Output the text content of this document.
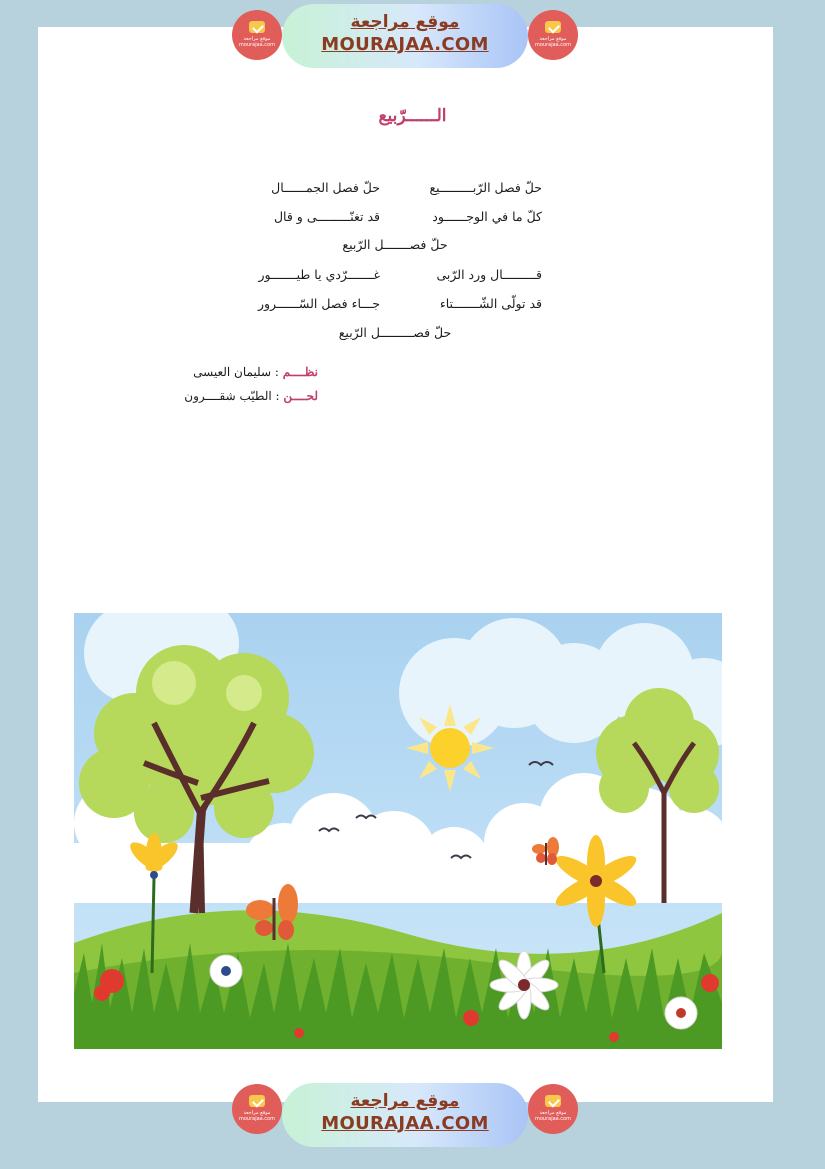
موقع مراجعة
mourajaa.com
موقع مراجعة
MOURAJAA.COM	موقع مراجعة
mourajaa.com
الــــــرّبيع
حلّ فصل الرّبـــــــــيع
حلّ فصل الجمــــــال
كلّ ما في الوجــــــود
قد تغنّـــــــــى و قال
حلّ فصـــــــل الرّبيع
قـــــــــال ورد الرّبى
غـــــــرّدي يا طيـــــــور
قد تولّى الشّـــــــتاء
جـــاء فصل السّــــــرور
حلّ فصـــــــــل الرّبيع
نظــــم : سليمان العيسى
لحــــن : الطيّب شقــــرون
موقع مراجعة
mourajaa.com
موقع مراجعة
MOURAJAA.COM	موقع مراجعة
mourajaa.com
